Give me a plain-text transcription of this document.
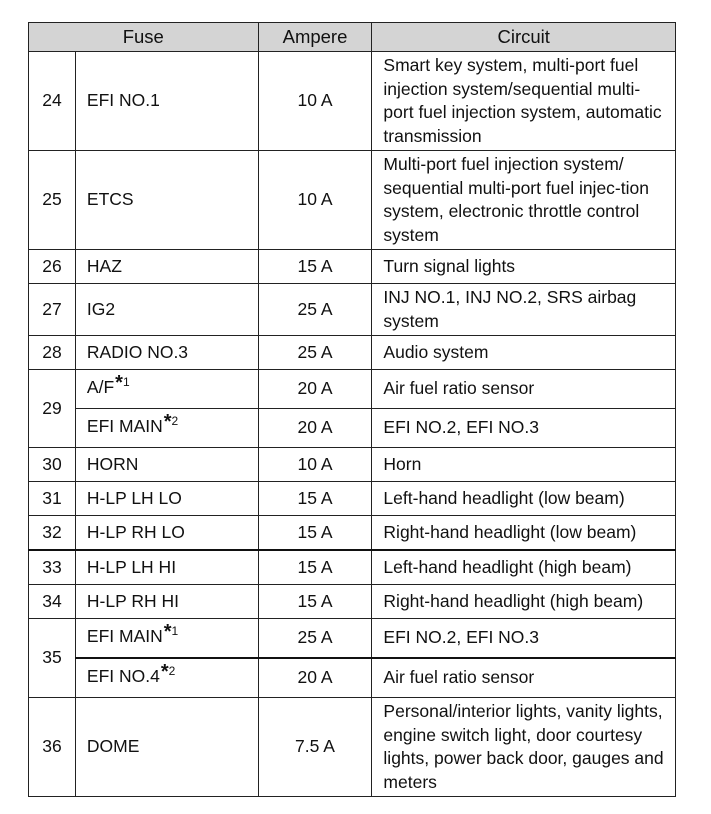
Fuse		Ampere	Circuit
24	EFI NO.1	10 A	Smart key system, multi-port fuel injection system/sequential multi-port fuel injection system, automatic transmission
25	ETCS	10 A	Multi-port fuel injection system/ sequential multi-port fuel injec-tion system, electronic throttle control system
26	HAZ	15 A	Turn signal lights
27	IG2	25 A	INJ NO.1, INJ NO.2, SRS airbag system
28	RADIO NO.3	25 A	Audio system
29	A/F*$^1$	20 A	Air fuel ratio sensor
	EFI MAIN*$^2$	20 A	EFI NO.2, EFI NO.3
30	HORN	10 A	Horn
31	H-LP LH LO	15 A	Left-hand headlight (low beam)
32	H-LP RH LO	15 A	Right-hand headlight (low beam)
33	H-LP LH HI	15 A	Left-hand headlight (high beam)
34	H-LP RH HI	15 A	Right-hand headlight (high beam)
35	EFI MAIN*$^1$	25 A	EFI NO.2, EFI NO.3
	EFI NO.4*$^2$	20 A	Air fuel ratio sensor
36	DOME	7.5 A	Personal/interior lights, vanity lights, engine switch light, door courtesy lights, power back door, gauges and meters
